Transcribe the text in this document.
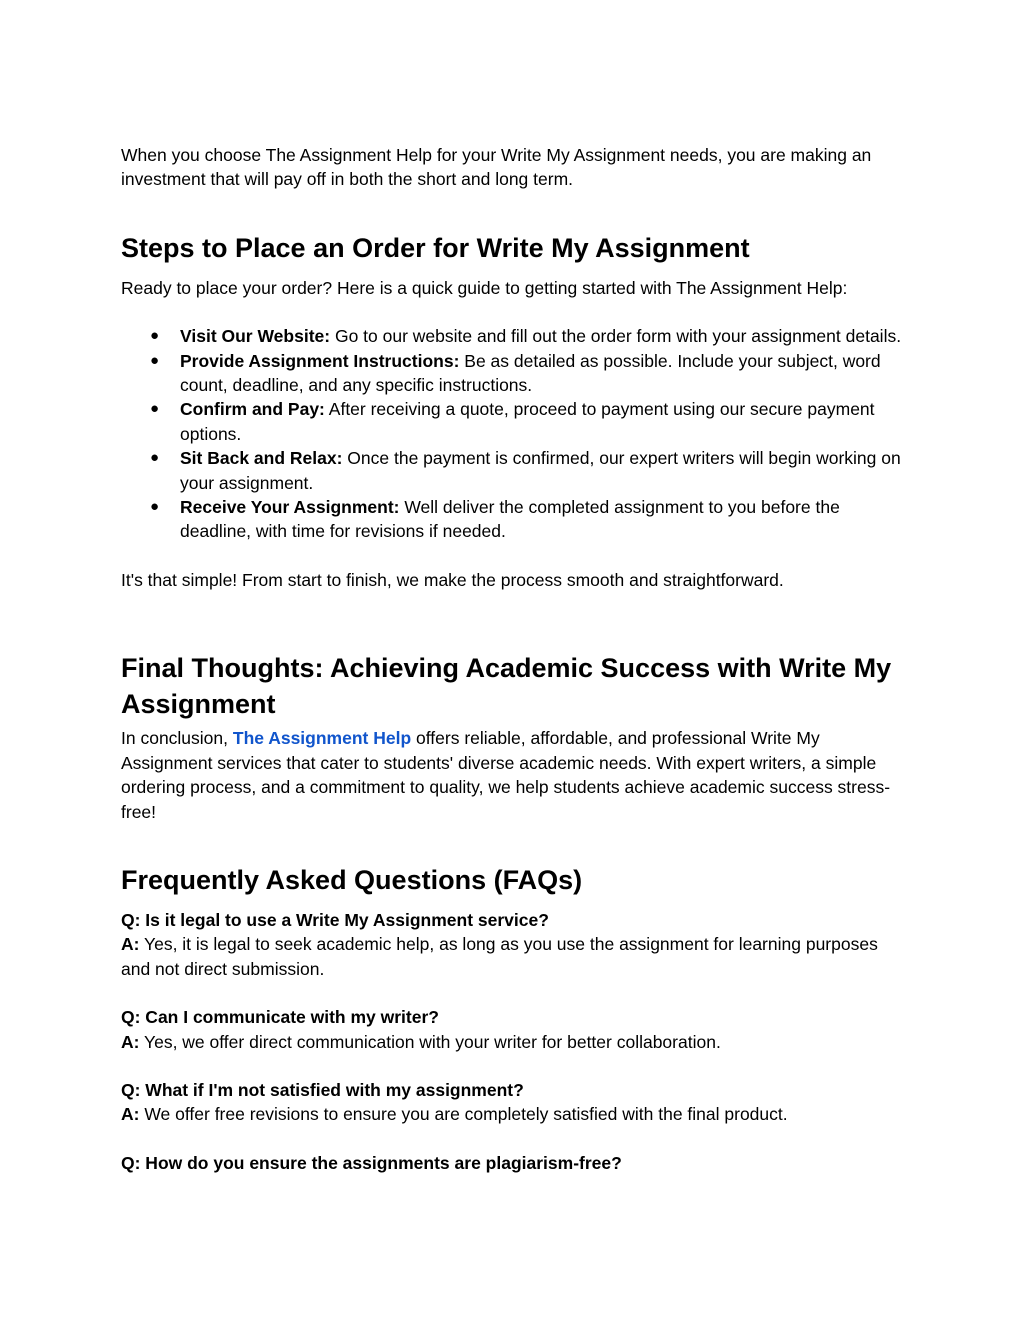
When you choose The Assignment Help for your Write My Assignment needs, you are making an investment that will pay off in both the short and long term.

Steps to Place an Order for Write My Assignment

Ready to place your order? Here is a quick guide to getting started with The Assignment Help:

● Visit Our Website: Go to our website and fill out the order form with your assignment details.
● Provide Assignment Instructions: Be as detailed as possible. Include your subject, word count, deadline, and any specific instructions.
● Confirm and Pay: After receiving a quote, proceed to payment using our secure payment options.
● Sit Back and Relax: Once the payment is confirmed, our expert writers will begin working on your assignment.
● Receive Your Assignment: Well deliver the completed assignment to you before the deadline, with time for revisions if needed.

It's that simple! From start to finish, we make the process smooth and straightforward.

Final Thoughts: Achieving Academic Success with Write My Assignment

In conclusion, The Assignment Help offers reliable, affordable, and professional Write My Assignment services that cater to students' diverse academic needs. With expert writers, a simple ordering process, and a commitment to quality, we help students achieve academic success stress-free!

Frequently Asked Questions (FAQs)

Q: Is it legal to use a Write My Assignment service?

A: Yes, it is legal to seek academic help, as long as you use the assignment for learning purposes and not direct submission.

Q: Can I communicate with my writer?

A: Yes, we offer direct communication with your writer for better collaboration.

Q: What if I'm not satisfied with my assignment?

A: We offer free revisions to ensure you are completely satisfied with the final product.

Q: How do you ensure the assignments are plagiarism-free?
